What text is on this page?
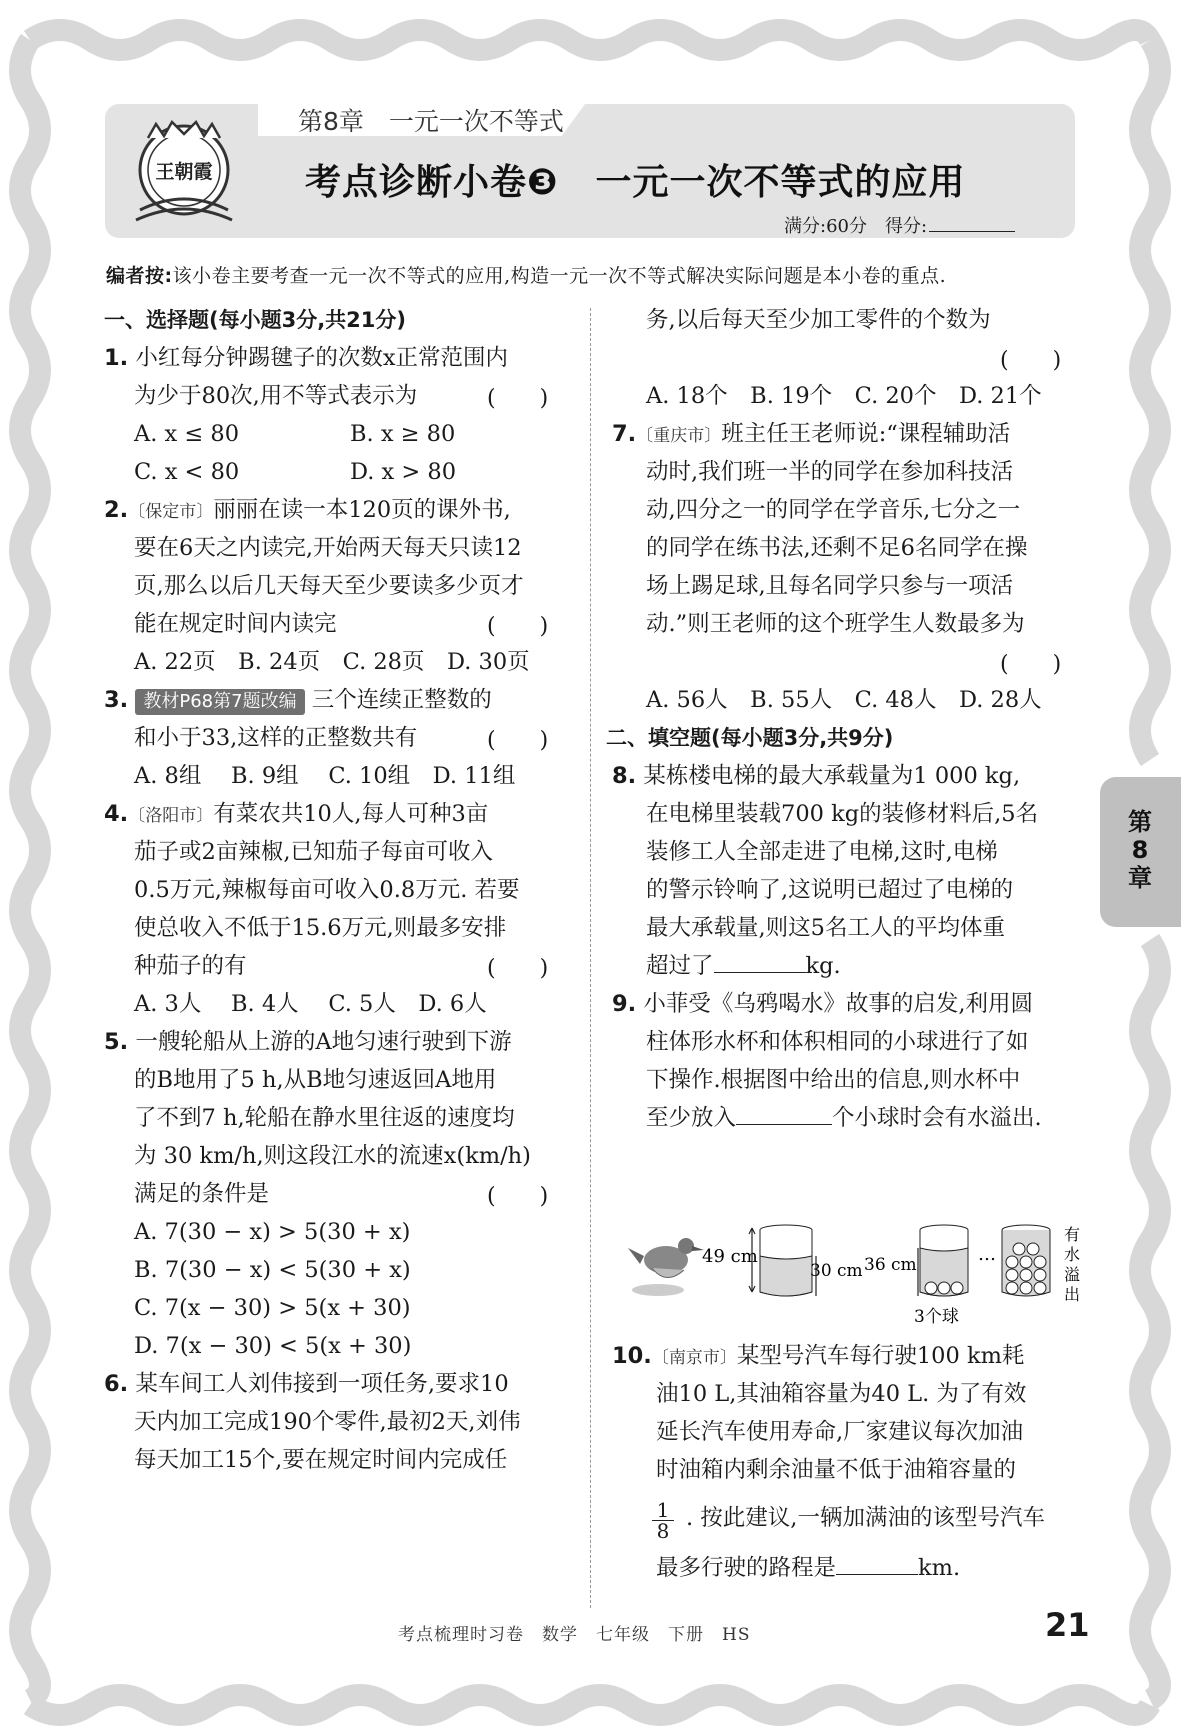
第8章　一元一次不等式
王朝霞	考点诊断小卷❸　一元一次不等式的应用
满分:60分　得分:
编者按:该小卷主要考查一元一次不等式的应用,构造一元一次不等式解决实际问题是本小卷的重点.
一、选择题(每小题3分,共21分)
1. 小红每分钟踢毽子的次数x正常范围内
为少于80次,用不等式表示为	(　　)
A. x ≤ 80	B. x ≥ 80
C. x < 80	D. x > 80
2.〔保定市〕丽丽在读一本120页的课外书,
要在6天之内读完,开始两天每天只读12
页,那么以后几天每天至少要读多少页才
能在规定时间内读完	(　　)
A. 22页　B. 24页　C. 28页　D. 30页
3. 教材P68第7题改编 三个连续正整数的
和小于33,这样的正整数共有	(　　)
A. 8组　 B. 9组　 C. 10组　D. 11组
4.〔洛阳市〕有菜农共10人,每人可种3亩
茄子或2亩辣椒,已知茄子每亩可收入
0.5万元,辣椒每亩可收入0.8万元. 若要
使总收入不低于15.6万元,则最多安排
种茄子的有	(　　)
A. 3人　 B. 4人　 C. 5人　D. 6人
5. 一艘轮船从上游的A地匀速行驶到下游
的B地用了5 h,从B地匀速返回A地用
了不到7 h,轮船在静水里往返的速度均
为 30 km/h,则这段江水的流速x(km/h)
满足的条件是	(　　)
A. 7(30 − x) > 5(30 + x)
B. 7(30 − x) < 5(30 + x)
C. 7(x − 30) > 5(x + 30)
D. 7(x − 30) < 5(x + 30)
6. 某车间工人刘伟接到一项任务,要求10
天内加工完成190个零件,最初2天,刘伟
每天加工15个,要在规定时间内完成任
务,以后每天至少加工零件的个数为
(　　)
A. 18个　B. 19个　C. 20个　D. 21个
7.〔重庆市〕班主任王老师说:“课程辅助活
动时,我们班一半的同学在参加科技活
动,四分之一的同学在学音乐,七分之一
的同学在练书法,还剩不足6名同学在操
场上踢足球,且每名同学只参与一项活
动.”则王老师的这个班学生人数最多为
(　　)
A. 56人　B. 55人　C. 48人　D. 28人
二、填空题(每小题3分,共9分)
8. 某栋楼电梯的最大承载量为1 000 kg,
在电梯里装载700 kg的装修材料后,5名
装修工人全部走进了电梯,这时,电梯
的警示铃响了,这说明已超过了电梯的
最大承载量,则这5名工人的平均体重
超过了	kg.
9. 小菲受《乌鸦喝水》故事的启发,利用圆
柱体形水杯和体积相同的小球进行了如
下操作.根据图中给出的信息,则水杯中
至少放入	个小球时会有水溢出.
10.〔南京市〕某型号汽车每行驶100 km耗
油10 L,其油箱容量为40 L. 为了有效
延长汽车使用寿命,厂家建议每次加油
时油箱内剩余油量不低于油箱容量的
. 按此建议,一辆加满油的该型号汽车
最多行驶的路程是	km.
$\frac{1}{8}$
49 cm
30 cm 36 cm
3个球
…
有
水
溢
出
第
8
章
考点梳理时习卷　数学　七年级　下册　HS	21
